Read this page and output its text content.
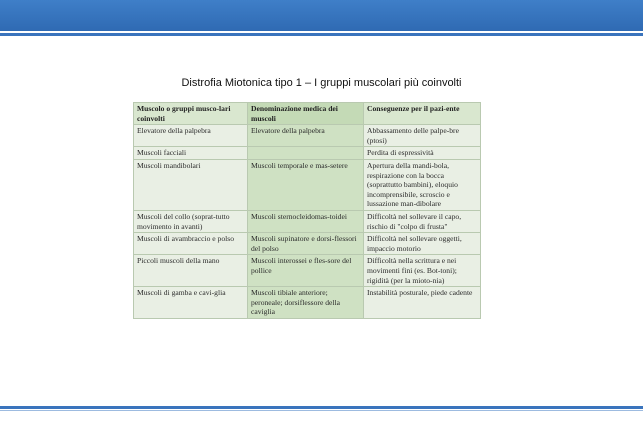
Distrofia Miotonica tipo 1 – I gruppi muscolari più coinvolti
Muscolo o gruppi musco-lari coinvolti	Denominazione medica dei muscoli	Conseguenze per il pazi-ente
Elevatore della palpebra	Elevatore della palpebra	Abbassamento delle palpe-bre (ptosi)
Muscoli facciali		Perdita di espressività
Muscoli mandibolari	Muscoli temporale e mas-setere	Apertura della mandi-bola, respirazione con la bocca (soprattutto bambini), eloquio incomprensibile, scroscio e lussazione man-dibolare
Muscoli del collo (soprat-tutto movimento in avanti)	Muscoli sternocleidomas-toidei	Difficoltà nel sollevare il capo, rischio di "colpo di frusta"
Muscoli di avambraccio e polso	Muscoli supinatore e dorsi-flessori del polso	Difficoltà nel sollevare oggetti, impaccio motorio
Piccoli muscoli della mano	Muscoli interossei e fles-sore del pollice	Difficoltà nella scrittura e nei movimenti fini (es. Bot-toni); rigidità (per la mioto-nia)
Muscoli di gamba e cavi-glia	Muscoli tibiale anteriore; peroneale; dorsiflessore della caviglia	Instabilità posturale, piede cadente
